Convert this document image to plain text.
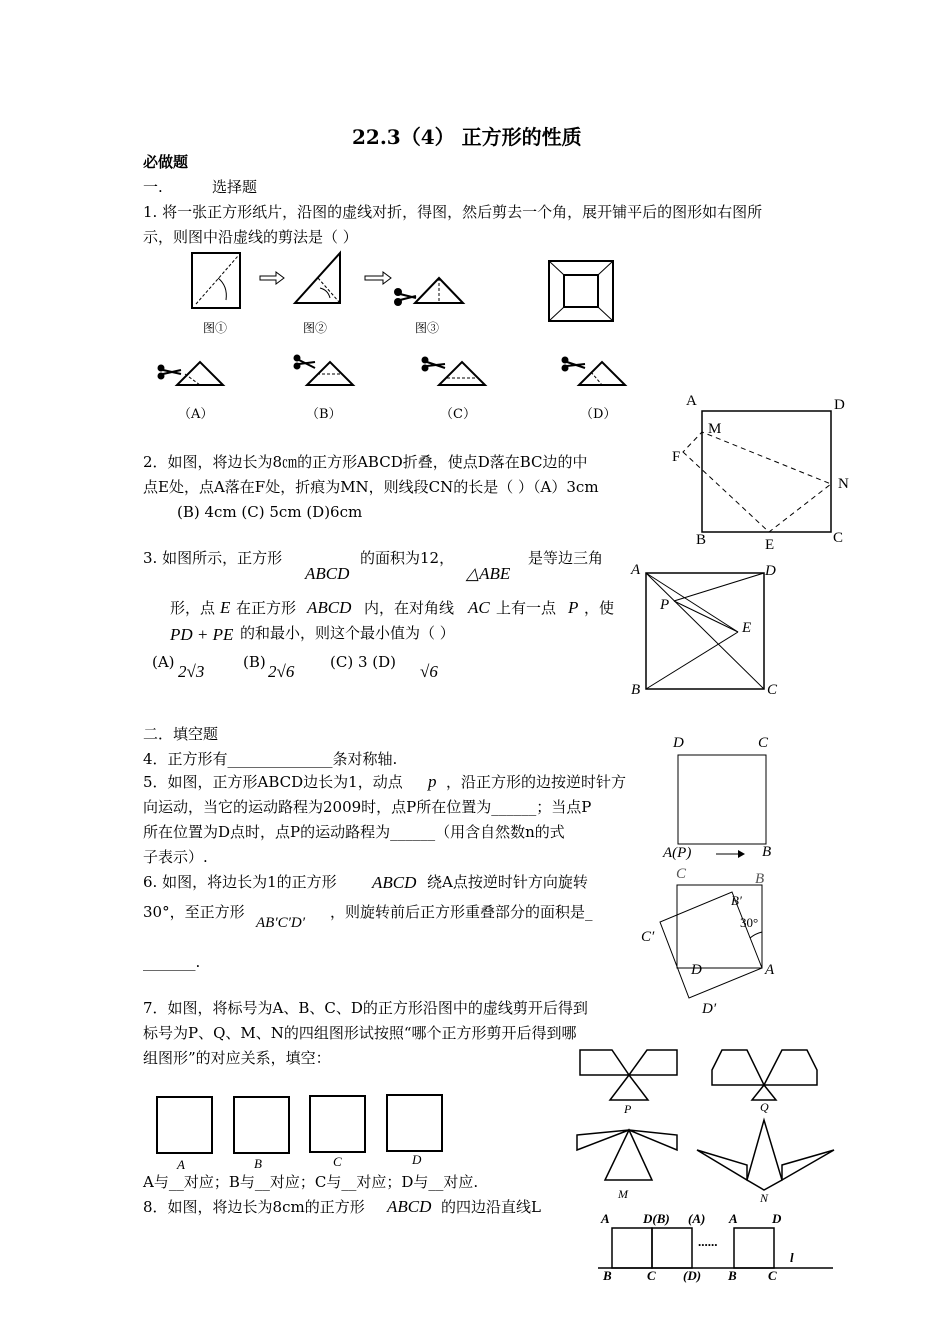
22.3（4） 正方形的性质
必做题
一.	选择题
1. 将一张正方形纸片，沿图的虚线对折，得图，然后剪去一个角，展开铺平后的图形如右图所
示，则图中沿虚线的剪法是（ ）
图①	图②	图③
（A）	（B）	（C）	（D）
2．如图，将边长为8㎝的正方形ABCD折叠，使点D落在BC边的中
点E处，点A落在F处，折痕为MN，则线段CN的长是（ ）（A）3cm
(B) 4cm (C) 5cm (D)6cm
A	D
M
F
N
B	E	C
3. 如图所示，正方形
ABCD
的面积为12，
△ABE
是等边三角
形，点 E 在正方形 ABCD 内，在对角线 AC 上有一点 P ，使
PD + PE 的和最小，则这个最小值为（ ）
(A) 2√3	(B) 2√6 (C) 3 (D) √6
A	D
P
E
B	C
二．填空题
4．正方形有______________条对称轴.
5．如图，正方形ABCD边长为1，动点 p ，沿正方形的边按逆时针方
向运动，当它的运动路程为2009时，点P所在位置为______；当点P
所在位置为D点时，点P的运动路程为______（用含自然数n的式
子表示）.
D	C
A(P)	B
6. 如图，将边长为1的正方形 ABCD 绕A点按逆时针方向旋转
30°，至正方形
AB′C′D′
，则旋转前后正方形重叠部分的面积是_
_______.
C	B
B′
30°
C′
D	A
D′
7．如图，将标号为A、B、C、D的正方形沿图中的虚线剪开后得到
标号为P、Q、M、N的四组图形试按照“哪个正方形剪开后得到哪
组图形”的对应关系，填空：
A	B	C	D
A与__对应；B与__对应；C与__对应；D与__对应.
P	Q
M	N
8．如图，将边长为8cm的正方形 ABCD 的四边沿直线L
A	D(B) (A) A	D
......
l
B	C (D) B C
